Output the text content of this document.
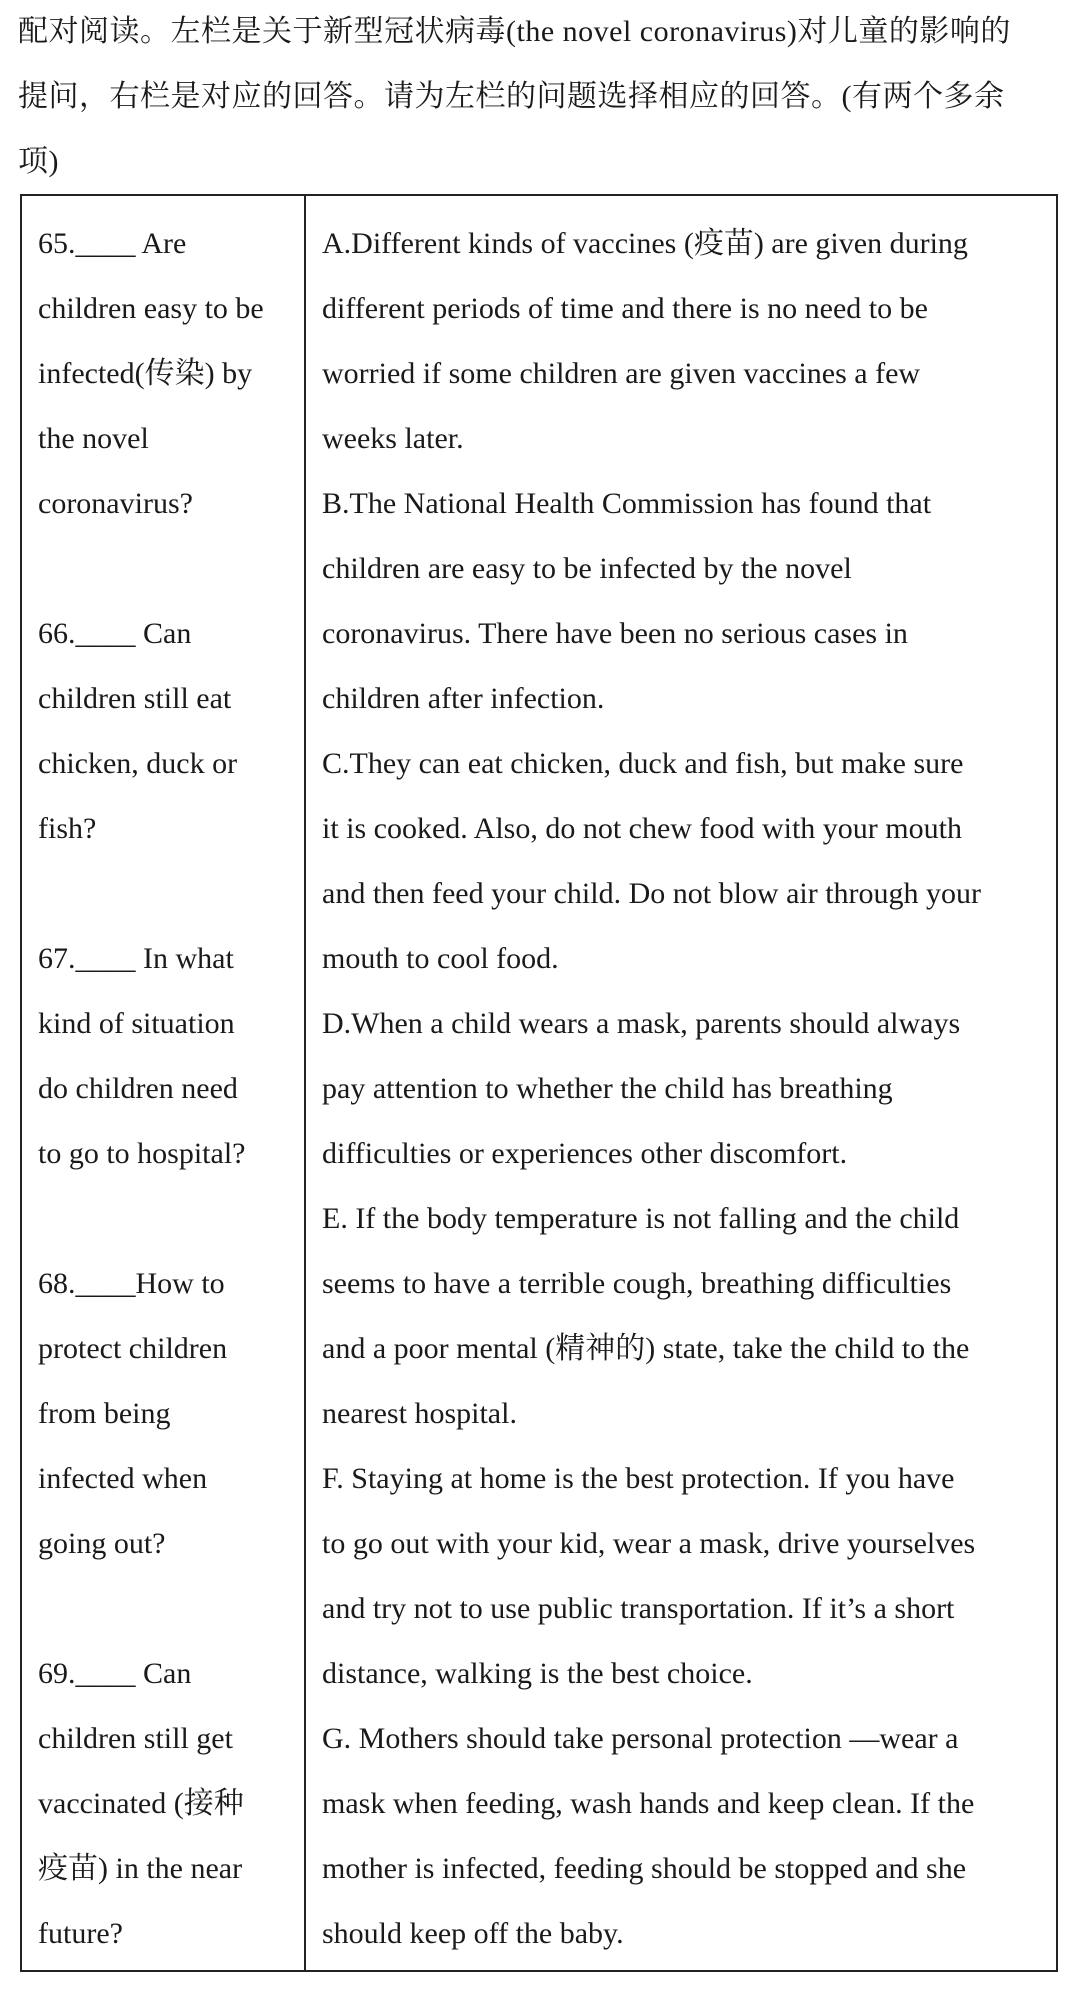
配对阅读。左栏是关于新型冠状病毒(the novel coronavirus)对儿童的影响的
提问，右栏是对应的回答。请为左栏的问题选择相应的回答。(有两个多余
项)

65.____ Are
children easy to be
infected(传染) by
the novel
coronavirus?
66.____ Can
children still eat
chicken, duck or
fish?
67.____ In what
kind of situation
do children need
to go to hospital?
68.____How to
protect children
from being
infected when
going out?
69.____ Can
children still get
vaccinated (接种
疫苗) in the near
future?
A.Different kinds of vaccines (疫苗) are given during
different periods of time and there is no need to be
worried if some children are given vaccines a few
weeks later.
B.The National Health Commission has found that
children are easy to be infected by the novel
coronavirus. There have been no serious cases in
children after infection.
C.They can eat chicken, duck and fish, but make sure
it is cooked. Also, do not chew food with your mouth
and then feed your child. Do not blow air through your
mouth to cool food.
D.When a child wears a mask, parents should always
pay attention to whether the child has breathing
difficulties or experiences other discomfort.
E. If the body temperature is not falling and the child
seems to have a terrible cough, breathing difficulties
and a poor mental (精神的) state, take the child to the
nearest hospital.
F. Staying at home is the best protection. If you have
to go out with your kid, wear a mask, drive yourselves
and try not to use public transportation. If it’s a short
distance, walking is the best choice.
G. Mothers should take personal protection —wear a
mask when feeding, wash hands and keep clean. If the
mother is infected, feeding should be stopped and she
should keep off the baby.
